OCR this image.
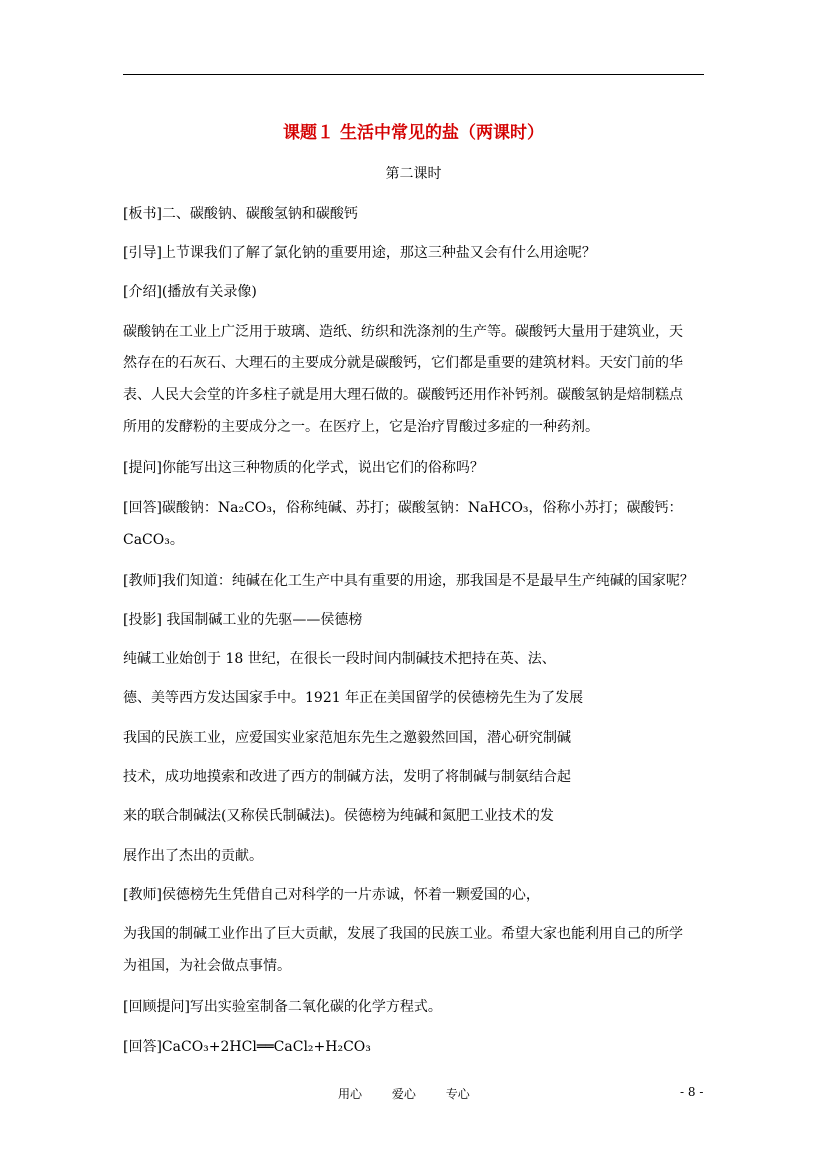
课题１ 生活中常见的盐（两课时）
第二课时
[板书]二、碳酸钠、碳酸氢钠和碳酸钙
[引导]上节课我们了解了氯化钠的重要用途，那这三种盐又会有什么用途呢？
[介绍](播放有关录像)
碳酸钠在工业上广泛用于玻璃、造纸、纺织和洗涤剂的生产等。碳酸钙大量用于建筑业，天
然存在的石灰石、大理石的主要成分就是碳酸钙，它们都是重要的建筑材料。天安门前的华
表、人民大会堂的许多柱子就是用大理石做的。碳酸钙还用作补钙剂。碳酸氢钠是焙制糕点
所用的发酵粉的主要成分之一。在医疗上，它是治疗胃酸过多症的一种药剂。
[提问]你能写出这三种物质的化学式，说出它们的俗称吗？
[回答]碳酸钠：Na₂CO₃，俗称纯碱、苏打；碳酸氢钠：NaHCO₃，俗称小苏打；碳酸钙：
CaCO₃。
[教师]我们知道：纯碱在化工生产中具有重要的用途，那我国是不是最早生产纯碱的国家呢？
[投影] 我国制碱工业的先驱——侯德榜
纯碱工业始创于 18 世纪，在很长一段时间内制碱技术把持在英、法、
德、美等西方发达国家手中。1921 年正在美国留学的侯德榜先生为了发展
我国的民族工业，应爱国实业家范旭东先生之邀毅然回国，潜心研究制碱
技术，成功地摸索和改进了西方的制碱方法，发明了将制碱与制氨结合起
来的联合制碱法(又称侯氏制碱法)。侯德榜为纯碱和氮肥工业技术的发
展作出了杰出的贡献。
[教师]侯德榜先生凭借自己对科学的一片赤诚，怀着一颗爱国的心，
为我国的制碱工业作出了巨大贡献，发展了我国的民族工业。希望大家也能利用自己的所学
为祖国，为社会做点事情。
[回顾提问]写出实验室制备二氧化碳的化学方程式。
[回答]CaCO₃+2HCl══CaCl₂+H₂CO₃
用心 爱心 专心	- 8 -
